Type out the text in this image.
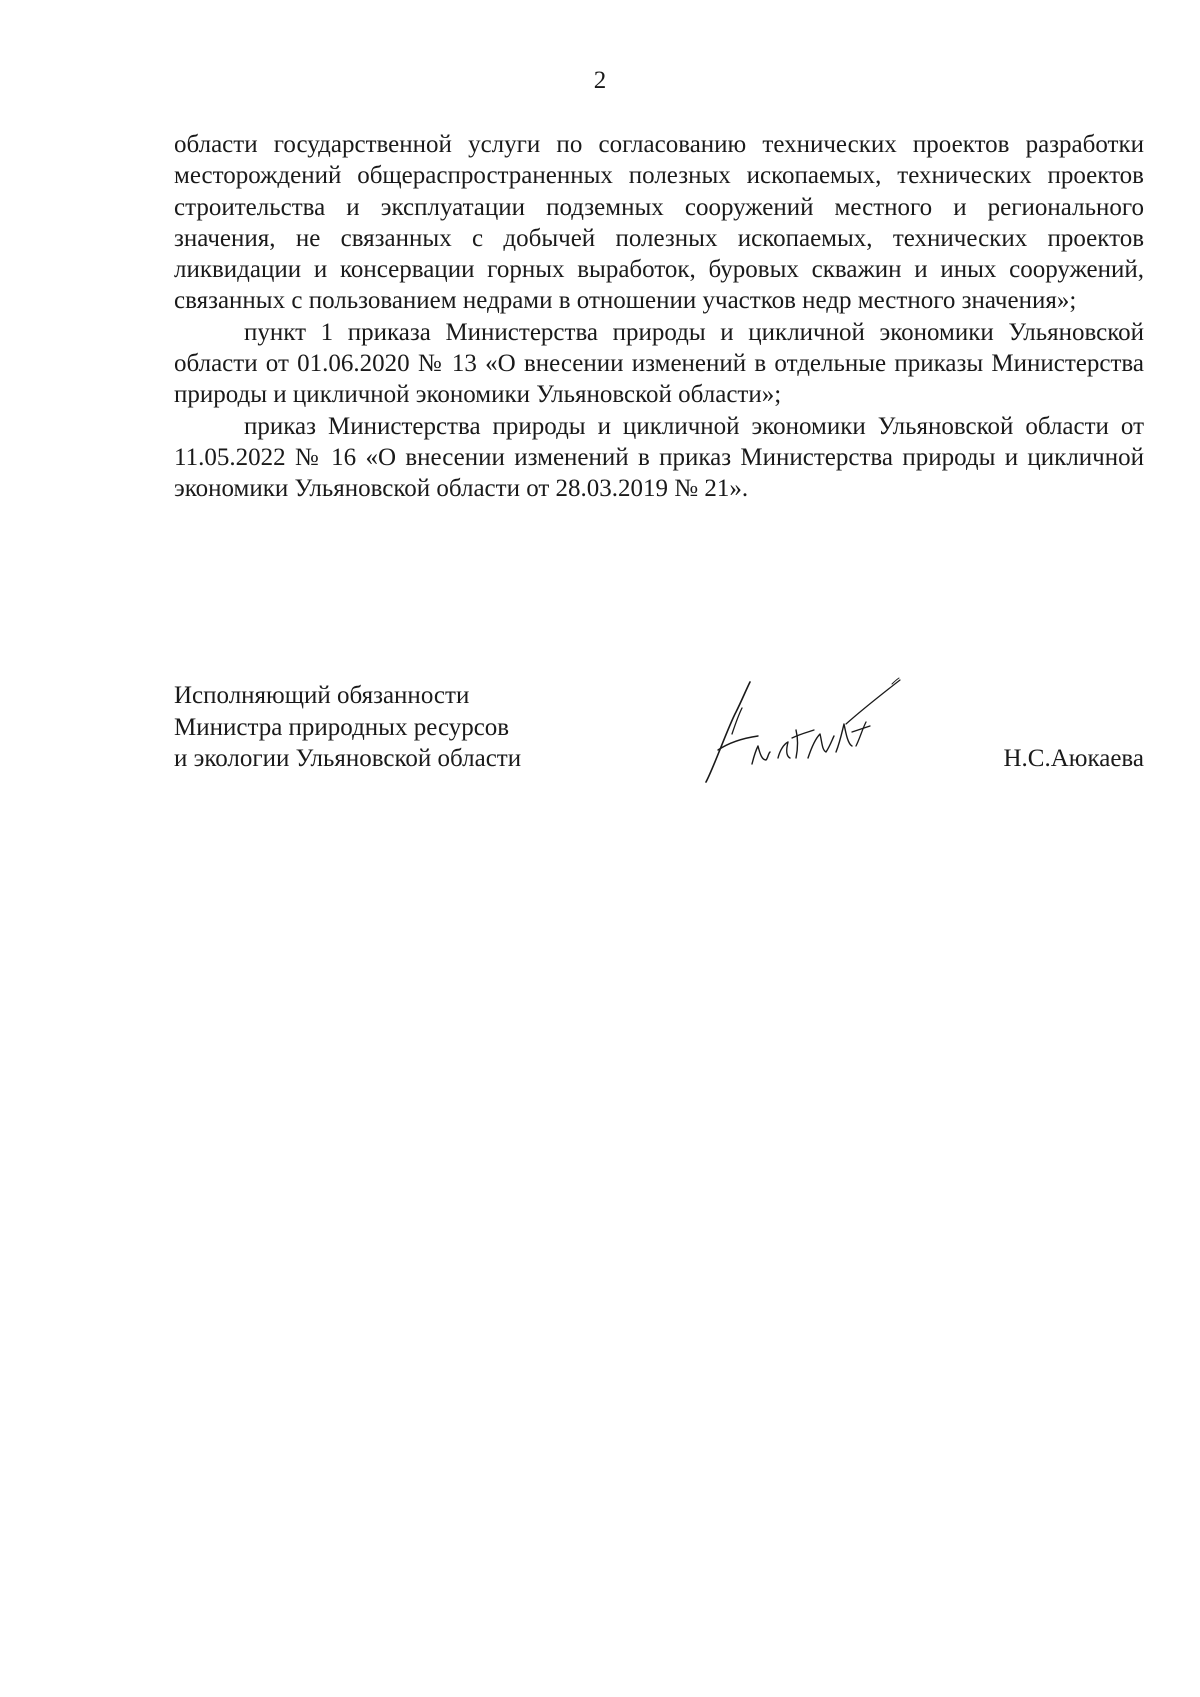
2

области государственной услуги по согласованию технических проектов разработки месторождений общераспространенных полезных ископаемых, технических проектов строительства и эксплуатации подземных сооружений местного и регионального значения, не связанных с добычей полезных ископаемых, технических проектов ликвидации и консервации горных выработок, буровых скважин и иных сооружений, связанных с пользованием недрами в отношении участков недр местного значения»;

пункт 1 приказа Министерства природы и цикличной экономики Ульяновской области от 01.06.2020 № 13 «О внесении изменений в отдельные приказы Министерства природы и цикличной экономики Ульяновской области»;

приказ Министерства природы и цикличной экономики Ульяновской области от 11.05.2022 № 16 «О внесении изменений в приказ Министерства природы и цикличной экономики Ульяновской области от 28.03.2019 № 21».

Исполняющий обязанности
Министра природных ресурсов
и экологии Ульяновской области	Н.С.Аюкаева
